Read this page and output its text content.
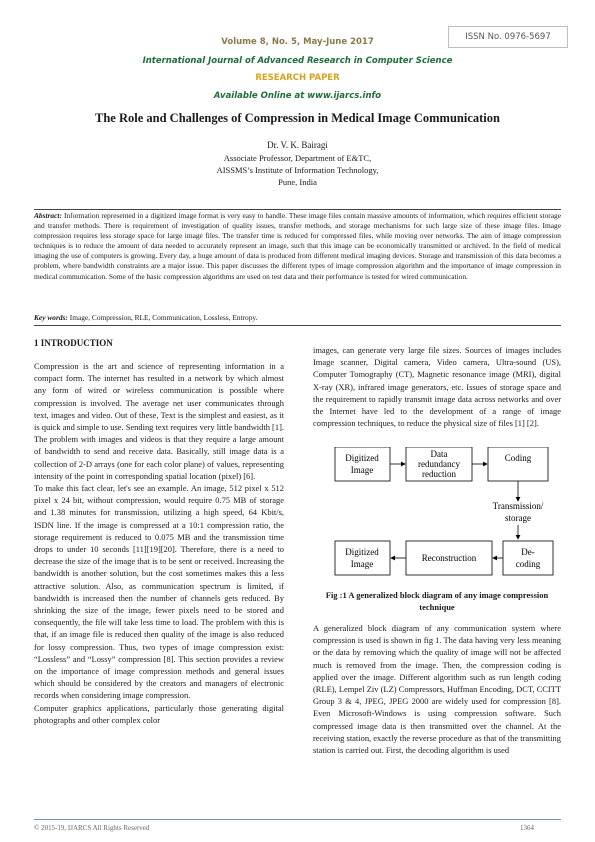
Volume 8, No. 5, May-June 2017	ISSN No. 0976-5697
International Journal of Advanced Research in Computer Science
RESEARCH PAPER
Available Online at www.ijarcs.info
The Role and Challenges of Compression in Medical Image Communication
Dr. V. K. Bairagi
Associate Professor, Department of E&TC,
AISSMS’s Institute of Information Technology,
Pune, India
Abstract: Information represented in a digitized image format is very easy to handle. These image files contain massive amounts of information, which requires efficient storage and transfer methods. There is requirement of investigation of quality issues, transfer methods, and storage mechanisms for such large size of these image files. Image compression requires less storage space for large image files. The transfer time is reduced for compressed files, while moving over networks. The aim of image compression techniques is to reduce the amount of data needed to accurately represent an image, such that this image can be economically transmitted or archived. In the field of medical imaging the use of computers is growing. Every day, a huge amount of data is produced from different medical imaging devices. Storage and transmission of this data becomes a problem, where bandwidth constraints are a major issue. This paper discusses the different types of image compression algorithm and the importance of image compression in medical communication. Some of the basic compression algorithms are used on test data and their performance is tested for wired communication.
Key words: Image, Compression, RLE, Communication, Lossless, Entropy.
1 INTRODUCTION

Compression is the art and science of representing information in a compact form. The internet has resulted in a network by which almost any form of wired or wireless communication is possible where compression is involved. The average net user communicates through text, images and video. Out of these, Text is the simplest and easiest, as it is quick and simple to use. Sending text requires very little bandwidth [1]. The problem with images and videos is that they require a large amount of bandwidth to send and receive data. Basically, still image data is a collection of 2-D arrays (one for each color plane) of values, representing intensity of the point in corresponding spatial location (pixel) [6].

To make this fact clear, let's see an example. An image, 512 pixel x 512 pixel x 24 bit, without compression, would require 0.75 MB of storage and 1.38 minutes for transmission, utilizing a high speed, 64 Kbit/s, ISDN line. If the image is compressed at a 10:1 compression ratio, the storage requirement is reduced to 0.075 MB and the transmission time drops to under 10 seconds [11][19][20]. Therefore, there is a need to decrease the size of the image that is to be sent or received. Increasing the bandwidth is another solution, but the cost sometimes makes this a less attractive solution. Also, as communication spectrum is limited, if bandwidth is increased then the number of channels gets reduced. By shrinking the size of the image, fewer pixels need to be stored and consequently, the file will take less time to load. The problem with this is that, if an image file is reduced then quality of the image is also reduced for lossy compression. Thus, two types of image compression exist: “Lossless” and “Lossy” compression [8]. This section provides a review on the importance of image compression methods and general issues which should be considered by the creators and managers of electronic records when considering image compression.

Computer graphics applications, particularly those generating digital photographs and other complex color

images, can generate very large file sizes. Sources of images includes Image scanner, Digital camera, Video camera, Ultra-sound (US), Computer Tomography (CT), Magnetic resonance image (MRI), digital X-ray (XR), infrared image generators, etc. Issues of storage space and the requirement to rapidly transmit image data across networks and over the Internet have led to the development of a range of image compression techniques, to reduce the physical size of files [1] [2].

Digitized
Image
Data
redundancy
reduction
Coding
Transmission/
storage
Digitized
Image
Reconstruction
De-
coding
Fig :1 A generalized block diagram of any image compression technique

A generalized block diagram of any communication system where compression is used is shown in fig 1. The data having very less meaning or the data by removing which the quality of image will not be affected much is removed from the image. Then, the compression coding is applied over the image. Different algorithm such as run length coding (RLE), Lempel Ziv (LZ) Compressors, Huffman Encoding, DCT, CCITT Group 3 & 4, JPEG, JPEG 2000 are widely used for compression [8]. Even Microsoft-Windows is using compression software. Such compressed image data is then transmitted over the channel. At the receiving station, exactly the reverse procedure as that of the transmitting station is carried out. First, the decoding algorithm is used

© 2015-19, IJARCS All Rights Reserved	1364
